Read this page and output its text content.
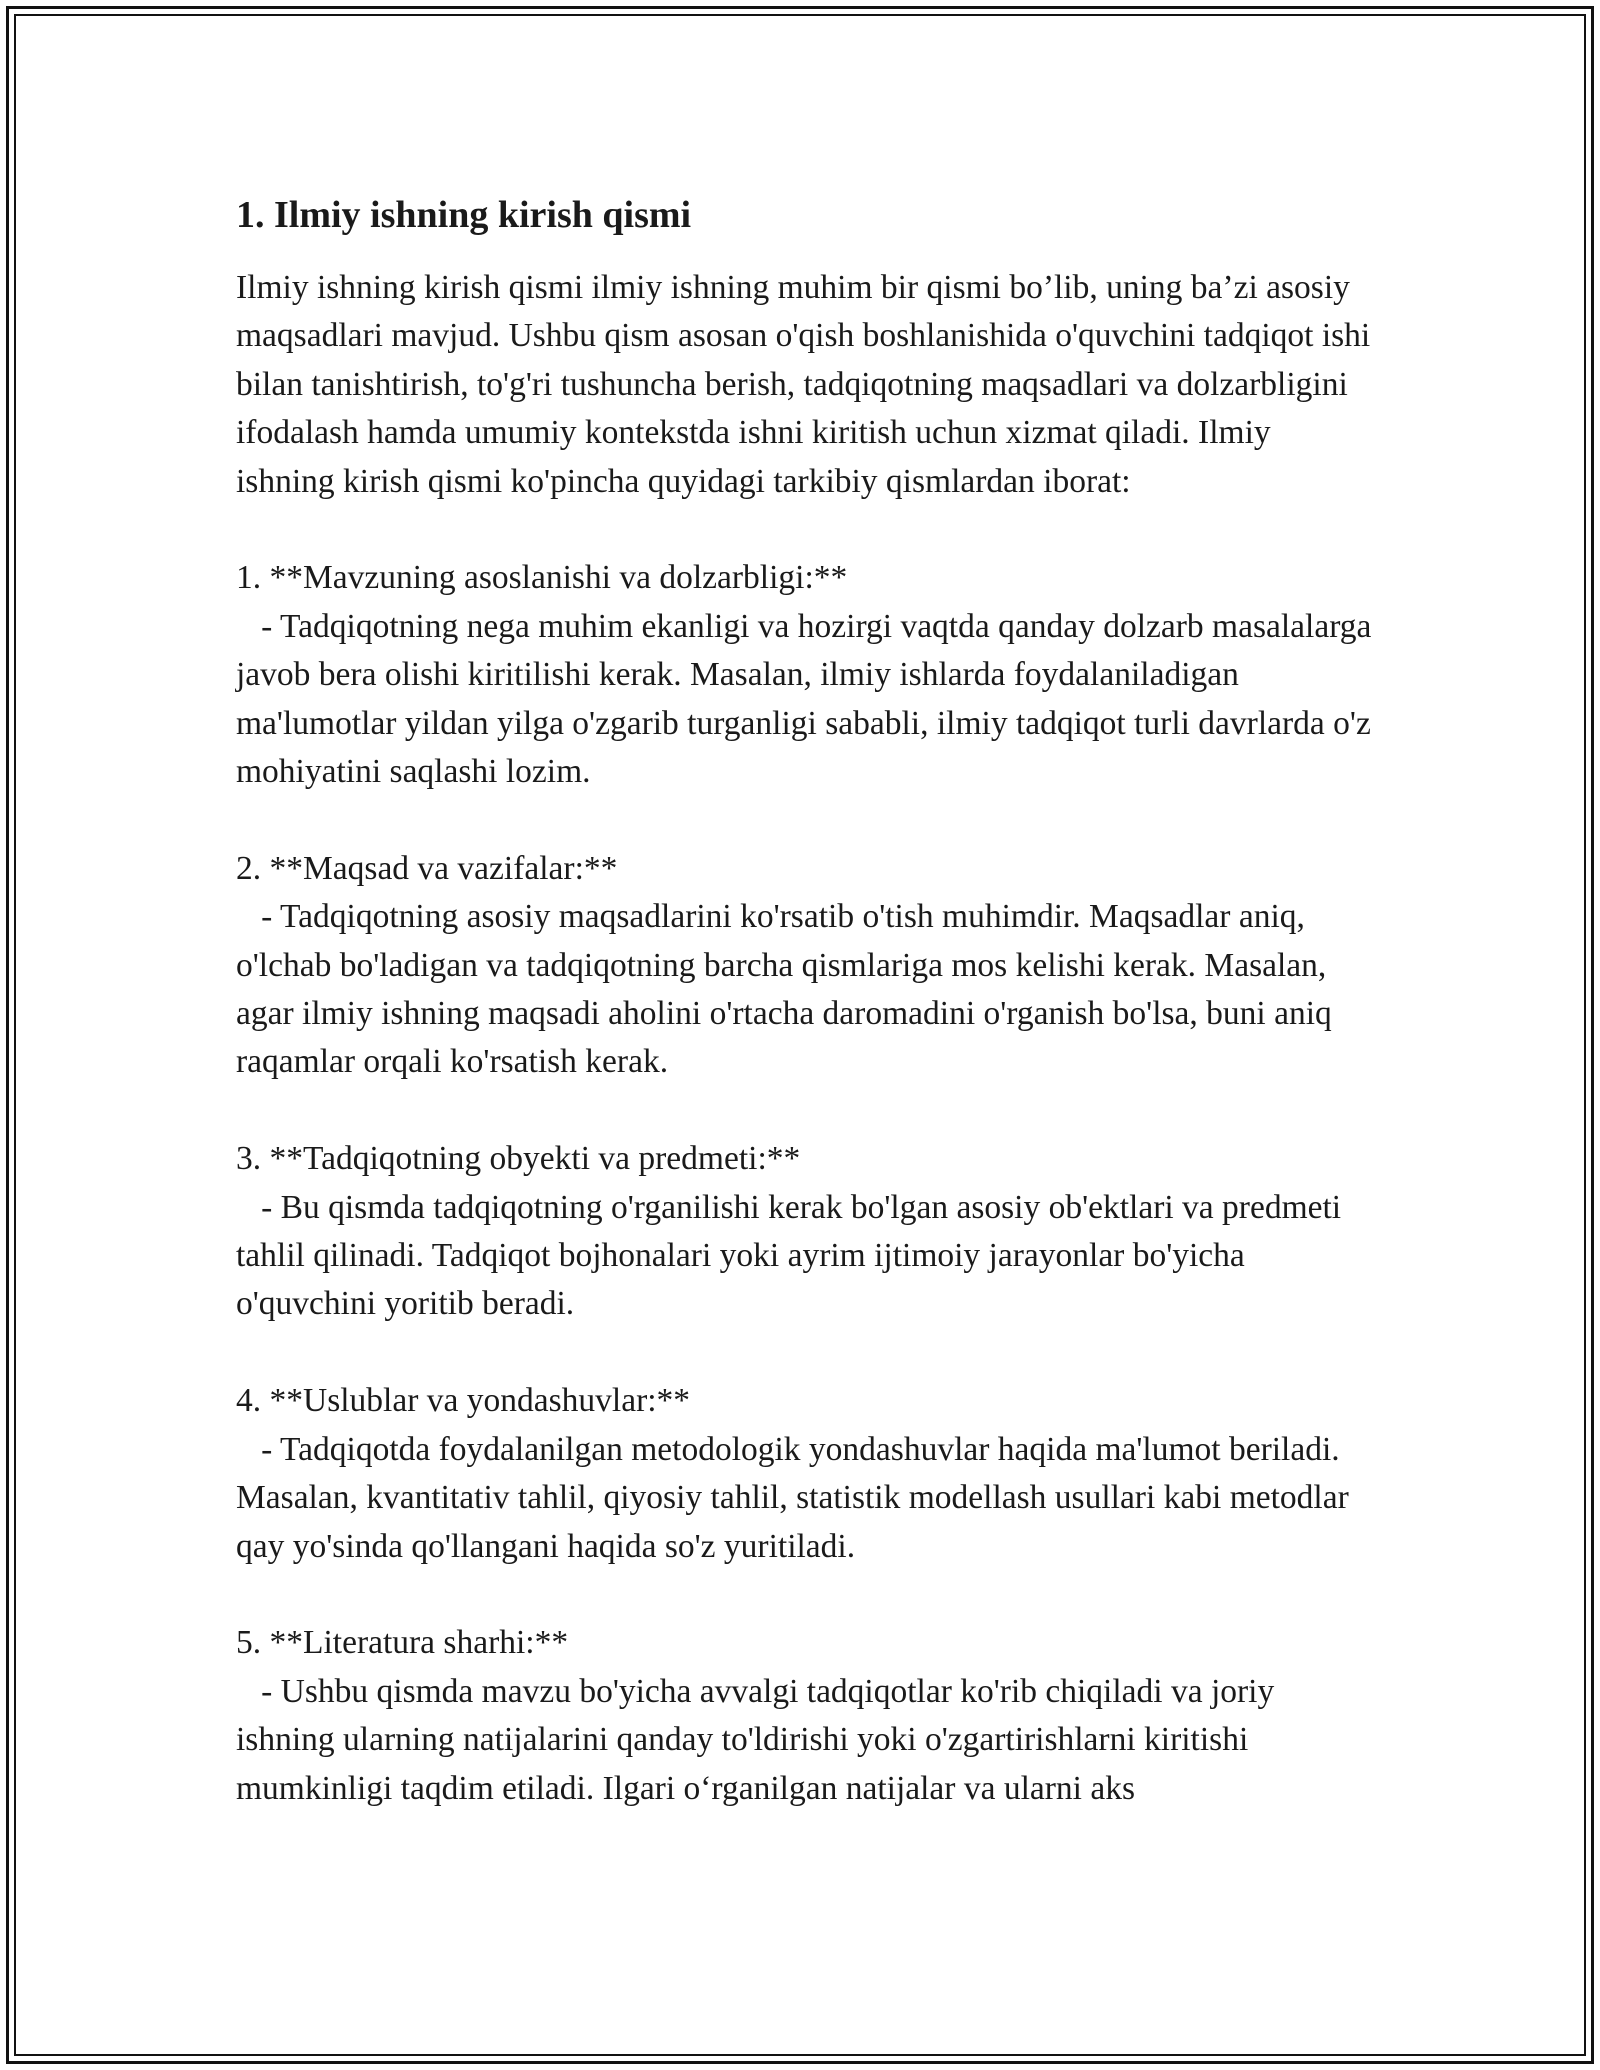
1. Ilmiy ishning kirish qismi

Ilmiy ishning kirish qismi ilmiy ishning muhim bir qismi bo’lib, uning ba’zi asosiy maqsadlari mavjud. Ushbu qism asosan o'qish boshlanishida o'quvchini tadqiqot ishi bilan tanishtirish, to'g'ri tushuncha berish, tadqiqotning maqsadlari va dolzarbligini ifodalash hamda umumiy kontekstda ishni kiritish uchun xizmat qiladi. Ilmiy ishning kirish qismi ko'pincha quyidagi tarkibiy qismlardan iborat:

1. **Mavzuning asoslanishi va dolzarbligi:**

- Tadqiqotning nega muhim ekanligi va hozirgi vaqtda qanday dolzarb masalalarga javob bera olishi kiritilishi kerak. Masalan, ilmiy ishlarda foydalaniladigan ma'lumotlar yildan yilga o'zgarib turganligi sababli, ilmiy tadqiqot turli davrlarda o'z mohiyatini saqlashi lozim.

2. **Maqsad va vazifalar:**

- Tadqiqotning asosiy maqsadlarini ko'rsatib o'tish muhimdir. Maqsadlar aniq, o'lchab bo'ladigan va tadqiqotning barcha qismlariga mos kelishi kerak. Masalan, agar ilmiy ishning maqsadi aholini o'rtacha daromadini o'rganish bo'lsa, buni aniq raqamlar orqali ko'rsatish kerak.

3. **Tadqiqotning obyekti va predmeti:**

- Bu qismda tadqiqotning o'rganilishi kerak bo'lgan asosiy ob'ektlari va predmeti tahlil qilinadi. Tadqiqot bojhonalari yoki ayrim ijtimoiy jarayonlar bo'yicha o'quvchini yoritib beradi.

4. **Uslublar va yondashuvlar:**

- Tadqiqotda foydalanilgan metodologik yondashuvlar haqida ma'lumot beriladi. Masalan, kvantitativ tahlil, qiyosiy tahlil, statistik modellash usullari kabi metodlar qay yo'sinda qo'llangani haqida so'z yuritiladi.

5. **Literatura sharhi:**

- Ushbu qismda mavzu bo'yicha avvalgi tadqiqotlar ko'rib chiqiladi va joriy ishning ularning natijalarini qanday to'ldirishi yoki o'zgartirishlarni kiritishi mumkinligi taqdim etiladi. Ilgari o‘rganilgan natijalar va ularni aks
